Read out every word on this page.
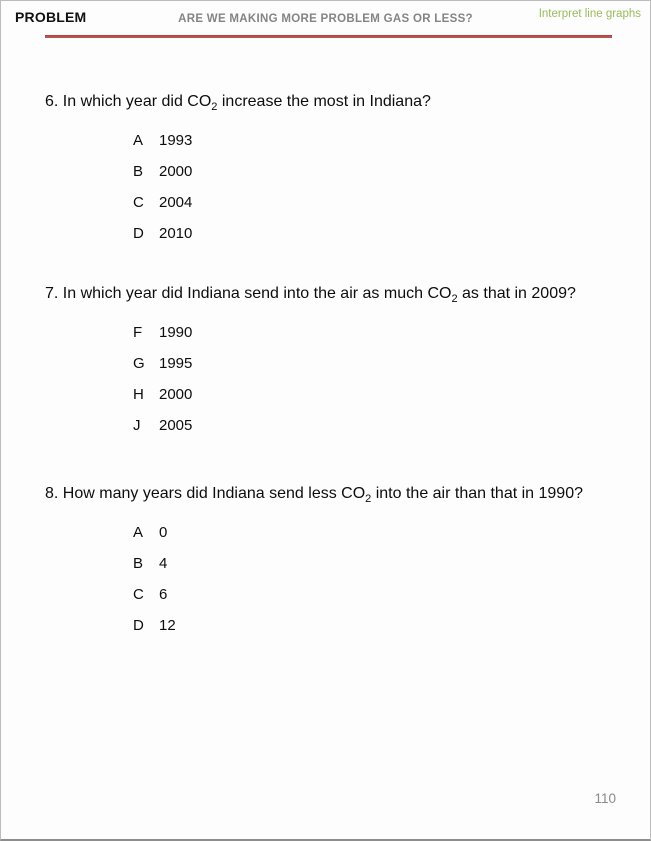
PROBLEM	ARE WE MAKING MORE PROBLEM GAS OR LESS?	Interpret line graphs
6. In which year did $CO_2$ increase the most in Indiana?
A	1993
B	2000
C	2004
D	2010
7. In which year did Indiana send into the air as much $CO_2$ as that in 2009?
F	1990
G 1995
H	2000
J	2005
8. How many years did Indiana send less $CO_2$ into the air than that in 1990?
A	0
B	4
C	6
D	12
110
